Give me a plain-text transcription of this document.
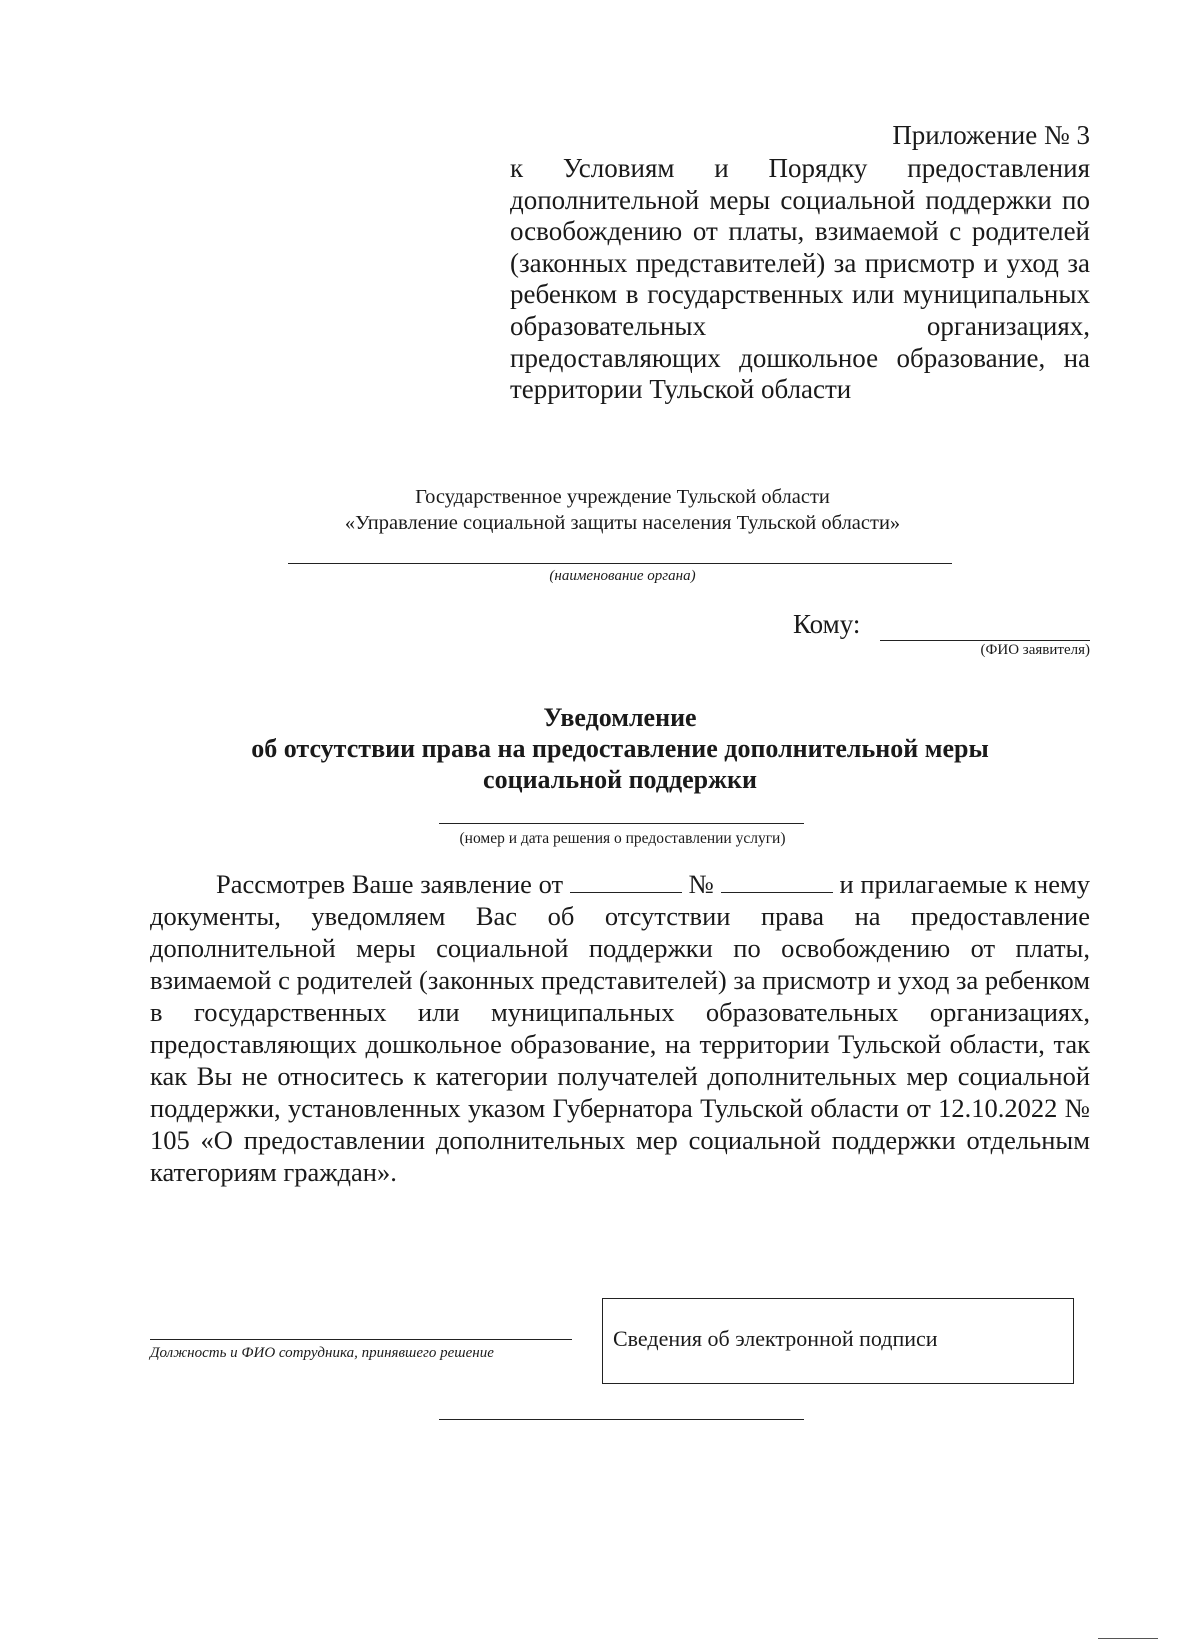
Приложение № 3
к Условиям и Порядку предоставления дополнительной меры социальной поддержки по освобождению от платы, взимаемой с родителей (законных представителей) за присмотр и уход за ребенком в государственных или муниципальных образовательных организациях, предоставляющих дошкольное образование, на территории Тульской области
Государственное учреждение Тульской области
«Управление социальной защиты населения Тульской области»
(наименование органа)
Кому:
(ФИО заявителя)
Уведомление
об отсутствии права на предоставление дополнительной меры
социальной поддержки
(номер и дата решения о предоставлении услуги)
Рассмотрев Ваше заявление от	№	и прилагаемые к нему документы, уведомляем Вас об отсутствии права на предоставление дополнительной меры социальной поддержки по освобождению от платы, взимаемой с родителей (законных представителей) за присмотр и уход за ребенком в государственных или муниципальных образовательных организациях, предоставляющих дошкольное образование, на территории Тульской области, так как Вы не относитесь к категории получателей дополнительных мер социальной поддержки, установленных указом Губернатора Тульской области от 12.10.2022 № 105 «О предоставлении дополнительных мер социальной поддержки отдельным категориям граждан».
Должность и ФИО сотрудника, принявшего решение
Сведения об электронной подписи
